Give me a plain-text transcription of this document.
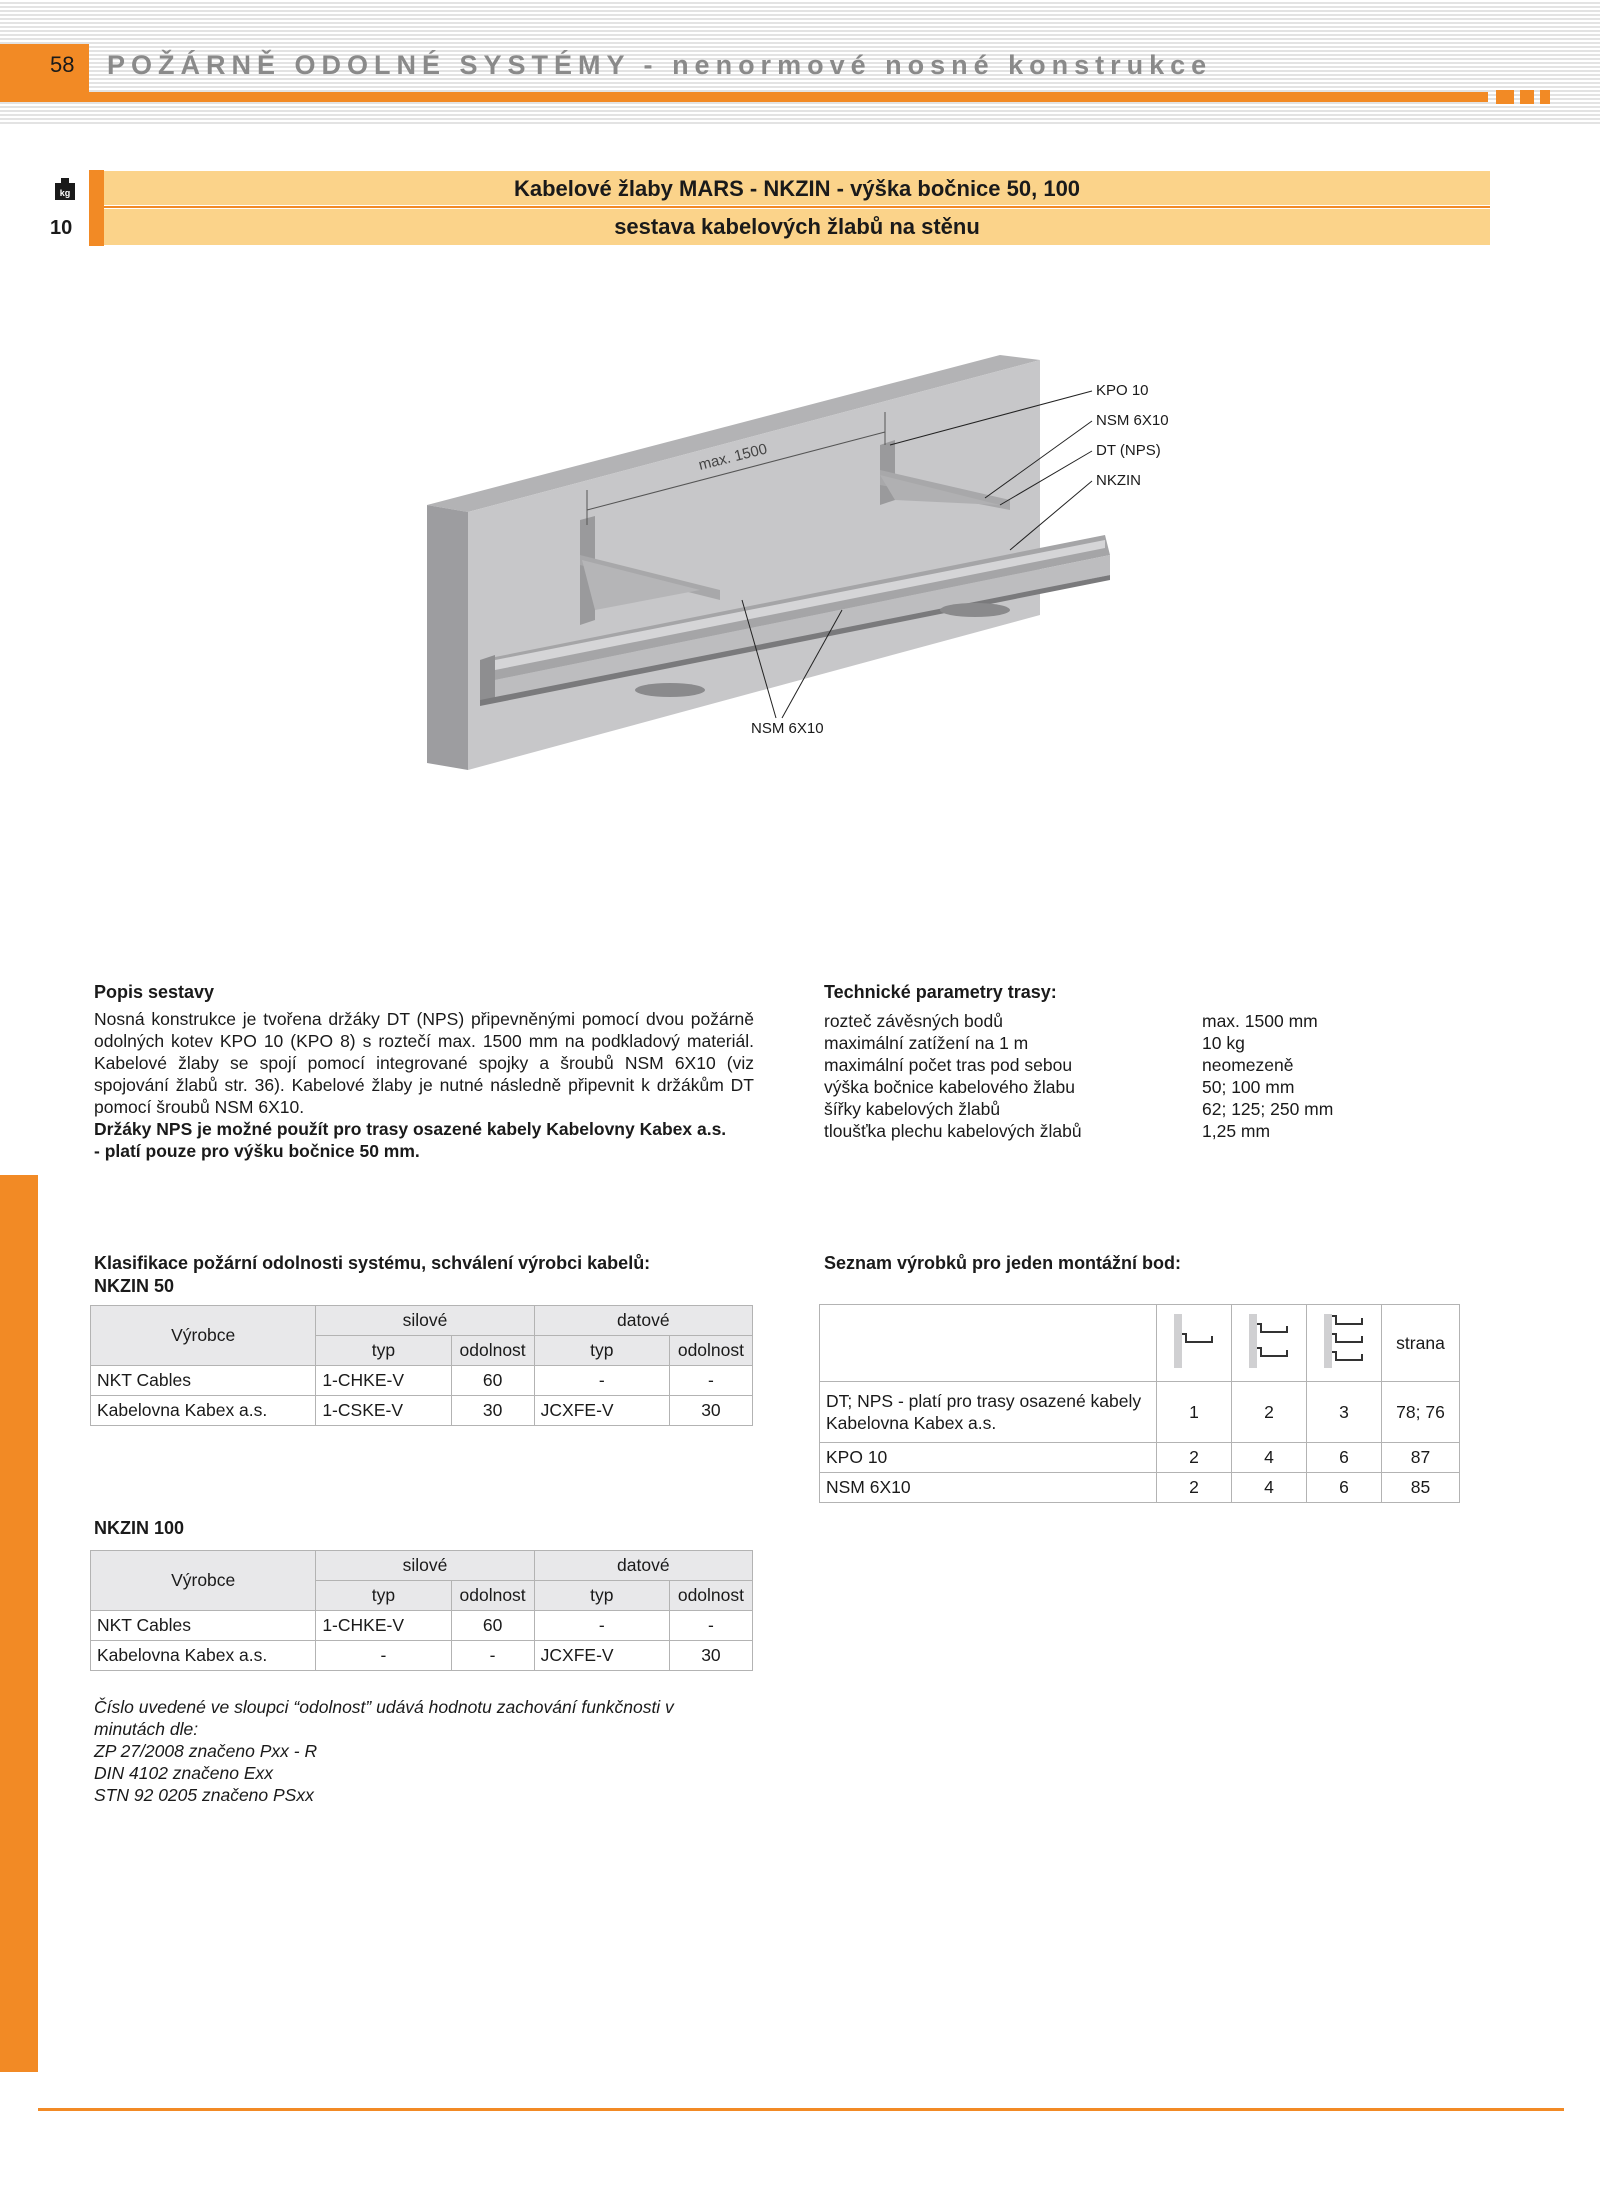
58 POŽÁRNĚ ODOLNÉ SYSTÉMY - nenormové nosné konstrukce
Kabelové žlaby MARS - NKZIN - výška bočnice 50, 100
sestava kabelových žlabů na stěnu
kg
10
max. 1500
KPO 10
NSM 6X10
DT (NPS)
NKZIN
NSM 6X10
Popis sestavy
Nosná konstrukce je tvořena držáky DT (NPS) připevněnými pomocí dvou požárně odolných kotev KPO 10 (KPO 8) s roztečí max. 1500 mm na podkladový materiál. Kabelové žlaby se spojí pomocí integrované spojky a šroubů NSM 6X10 (viz spojování žlabů str. 36). Kabelové žlaby je nutné následně připevnit k držákům DT pomocí šroubů NSM 6X10.
Držáky NPS je možné použít pro trasy osazené kabely Kabelovny Kabex a.s.
- platí pouze pro výšku bočnice 50 mm.
Technické parametry trasy:
rozteč závěsných bodů	max. 1500 mm
maximální zatížení na 1 m	10 kg
maximální počet tras pod sebou	neomezeně
výška bočnice kabelového žlabu	50; 100 mm
šířky kabelových žlabů	62; 125; 250 mm
tloušťka plechu kabelových žlabů	1,25 mm
Klasifikace požární odolnosti systému, schválení výrobci kabelů:
NKZIN 50
Výrobce	silové		datové	
	typ	odolnost	typ	odolnost
NKT Cables	1-CHKE-V	60	-	-
Kabelovna Kabex a.s.	1-CSKE-V	30	JCXFE-V	30
NKZIN 100
Výrobce	silové		datové	
	typ	odolnost	typ	odolnost
NKT Cables	1-CHKE-V	60	-	-
Kabelovna Kabex a.s.	-	-	JCXFE-V	30
Číslo uvedené ve sloupci “odolnost” udává hodnotu zachování funkčnosti v
minutách dle:
ZP 27/2008 značeno Pxx - R
DIN 4102 značeno Exx
STN 92 0205 značeno PSxx
Seznam výrobků pro jeden montážní bod:
				strana
DT; NPS - platí pro trasy osazené kabely Kabelovna Kabex a.s.	1	2	3	78; 76
KPO 10	2	4	6	87
NSM 6X10	2	4	6	85
